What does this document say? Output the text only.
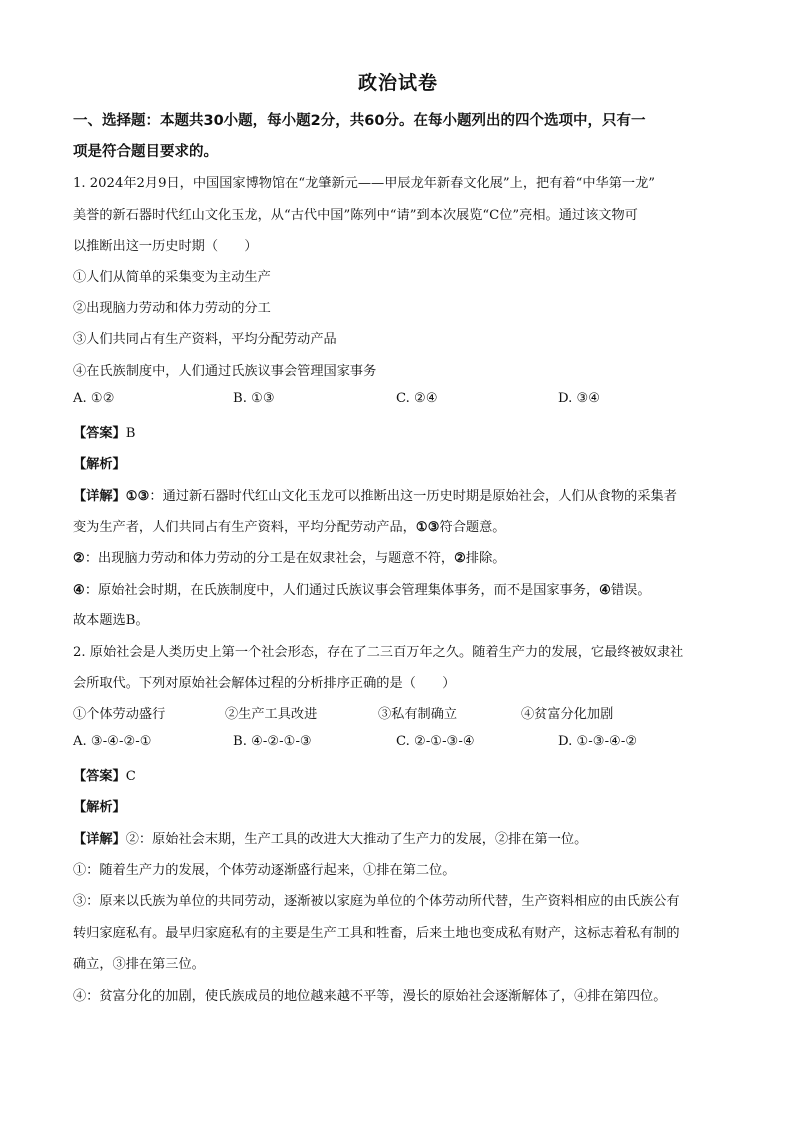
政治试卷
一、选择题：本题共30小题，每小题2分，共60分。在每小题列出的四个选项中，只有一
项是符合题目要求的。
1. 2024年2月9日，中国国家博物馆在“龙肇新元——甲辰龙年新春文化展”上，把有着“中华第一龙”
美誉的新石器时代红山文化玉龙，从“古代中国”陈列中“请”到本次展览“C位”亮相。通过该文物可
以推断出这一历史时期（　　）
①人们从简单的采集变为主动生产
②出现脑力劳动和体力劳动的分工
③人们共同占有生产资料，平均分配劳动产品
④在氏族制度中，人们通过氏族议事会管理国家事务
A. ①②	B. ①③	C. ②④	D. ③④
【答案】B
【解析】
【详解】①③：通过新石器时代红山文化玉龙可以推断出这一历史时期是原始社会，人们从食物的采集者
变为生产者，人们共同占有生产资料，平均分配劳动产品，①③符合题意。
②：出现脑力劳动和体力劳动的分工是在奴隶社会，与题意不符，②排除。
④：原始社会时期，在氏族制度中，人们通过氏族议事会管理集体事务，而不是国家事务，④错误。
故本题选B。
2. 原始社会是人类历史上第一个社会形态，存在了二三百万年之久。随着生产力的发展，它最终被奴隶社
会所取代。下列对原始社会解体过程的分析排序正确的是（　　）
①个体劳动盛行	②生产工具改进	③私有制确立	④贫富分化加剧
A. ③-④-②-①	B. ④-②-①-③	C. ②-①-③-④	D. ①-③-④-②
【答案】C
【解析】
【详解】②：原始社会末期，生产工具的改进大大推动了生产力的发展，②排在第一位。
①：随着生产力的发展，个体劳动逐渐盛行起来，①排在第二位。
③：原来以氏族为单位的共同劳动，逐渐被以家庭为单位的个体劳动所代替，生产资料相应的由氏族公有
转归家庭私有。最早归家庭私有的主要是生产工具和牲畜，后来土地也变成私有财产，这标志着私有制的
确立，③排在第三位。
④：贫富分化的加剧，使氏族成员的地位越来越不平等，漫长的原始社会逐渐解体了，④排在第四位。
